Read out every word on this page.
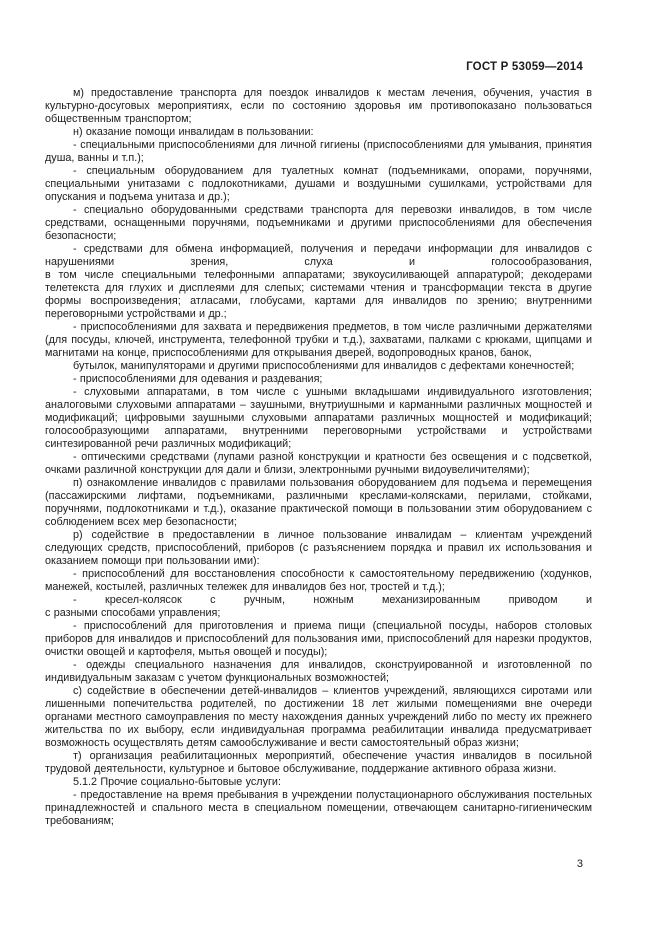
ГОСТ Р 53059—2014

м) предоставление транспорта для поездок инвалидов к местам лечения, обучения, участия в культурно-досуговых мероприятиях, если по состоянию здоровья им противопоказано пользоваться общественным транспортом;

н) оказание помощи инвалидам в пользовании:

- специальными приспособлениями для личной гигиены (приспособлениями для умывания, принятия душа, ванны и т.п.);

- специальным оборудованием для туалетных комнат (подъемниками, опорами, поручнями, специальными унитазами с подлокотниками, душами и воздушными сушилками, устройствами для опускания и подъема унитаза и др.);

- специально оборудованными средствами транспорта для перевозки инвалидов, в том числе средствами, оснащенными поручнями, подъемниками и другими приспособлениями для обеспечения безопасности;

- средствами для обмена информацией, получения и передачи информации для инвалидов с нарушениями зрения, слуха и голосообразования,

в том числе специальными телефонными аппаратами; звукоусиливающей аппаратурой; декодерами телетекста для глухих и дисплеями для слепых; системами чтения и трансформации текста в другие формы воспроизведения; атласами, глобусами, картами для инвалидов по зрению; внутренними переговорными устройствами и др.;

- приспособлениями для захвата и передвижения предметов, в том числе различными держателями (для посуды, ключей, инструмента, телефонной трубки и т.д.), захватами, палками с крюками, щипцами и магнитами на конце, приспособлениями для открывания дверей, водопроводных кранов, банок,

бутылок, манипуляторами и другими приспособлениями для инвалидов с дефектами конечностей;

- приспособлениями для одевания и раздевания;

- слуховыми аппаратами, в том числе с ушными вкладышами индивидуального изготовления; аналоговыми слуховыми аппаратами – заушными, внутриушными и карманными различных мощностей и модификаций; цифровыми заушными слуховыми аппаратами различных мощностей и модификаций; голосообразующими аппаратами, внутренними переговорными устройствами и устройствами синтезированной речи различных модификаций;

- оптическими средствами (лупами разной конструкции и кратности без освещения и с подсветкой, очками различной конструкции для дали и близи, электронными ручными видоувеличителями);

п) ознакомление инвалидов с правилами пользования оборудованием для подъема и перемещения (пассажирскими лифтами, подъемниками, различными креслами-колясками, перилами, стойками, поручнями, подлокотниками и т.д.), оказание практической помощи в пользовании этим оборудованием с соблюдением всех мер безопасности;

р) содействие в предоставлении в личное пользование инвалидам – клиентам учреждений следующих средств, приспособлений, приборов (с разъяснением порядка и правил их использования и оказанием помощи при пользовании ими):

- приспособлений для восстановления способности к самостоятельному передвижению (ходунков, манежей, костылей, различных тележек для инвалидов без ног, тростей и т.д.);

- кресел-колясок с ручным, ножным механизированным приводом и

с разными способами управления;

- приспособлений для приготовления и приема пищи (специальной посуды, наборов столовых приборов для инвалидов и приспособлений для пользования ими, приспособлений для нарезки продуктов, очистки овощей и картофеля, мытья овощей и посуды);

- одежды специального назначения для инвалидов, сконструированной и изготовленной по индивидуальным заказам с учетом функциональных возможностей;

с) содействие в обеспечении детей-инвалидов – клиентов учреждений, являющихся сиротами или лишенными попечительства родителей, по достижении 18 лет жилыми помещениями вне очереди органами местного самоуправления по месту нахождения данных учреждений либо по месту их прежнего жительства по их выбору, если индивидуальная программа реабилитации инвалида предусматривает возможность осуществлять детям самообслуживание и вести самостоятельный образ жизни;

т) организация реабилитационных мероприятий, обеспечение участия инвалидов в посильной трудовой деятельности, культурное и бытовое обслуживание, поддержание активного образа жизни.

5.1.2 Прочие социально-бытовые услуги:

- предоставление на время пребывания в учреждении полустационарного обслуживания постельных принадлежностей и спального места в специальном помещении, отвечающем санитарно-гигиеническим требованиям;

3
